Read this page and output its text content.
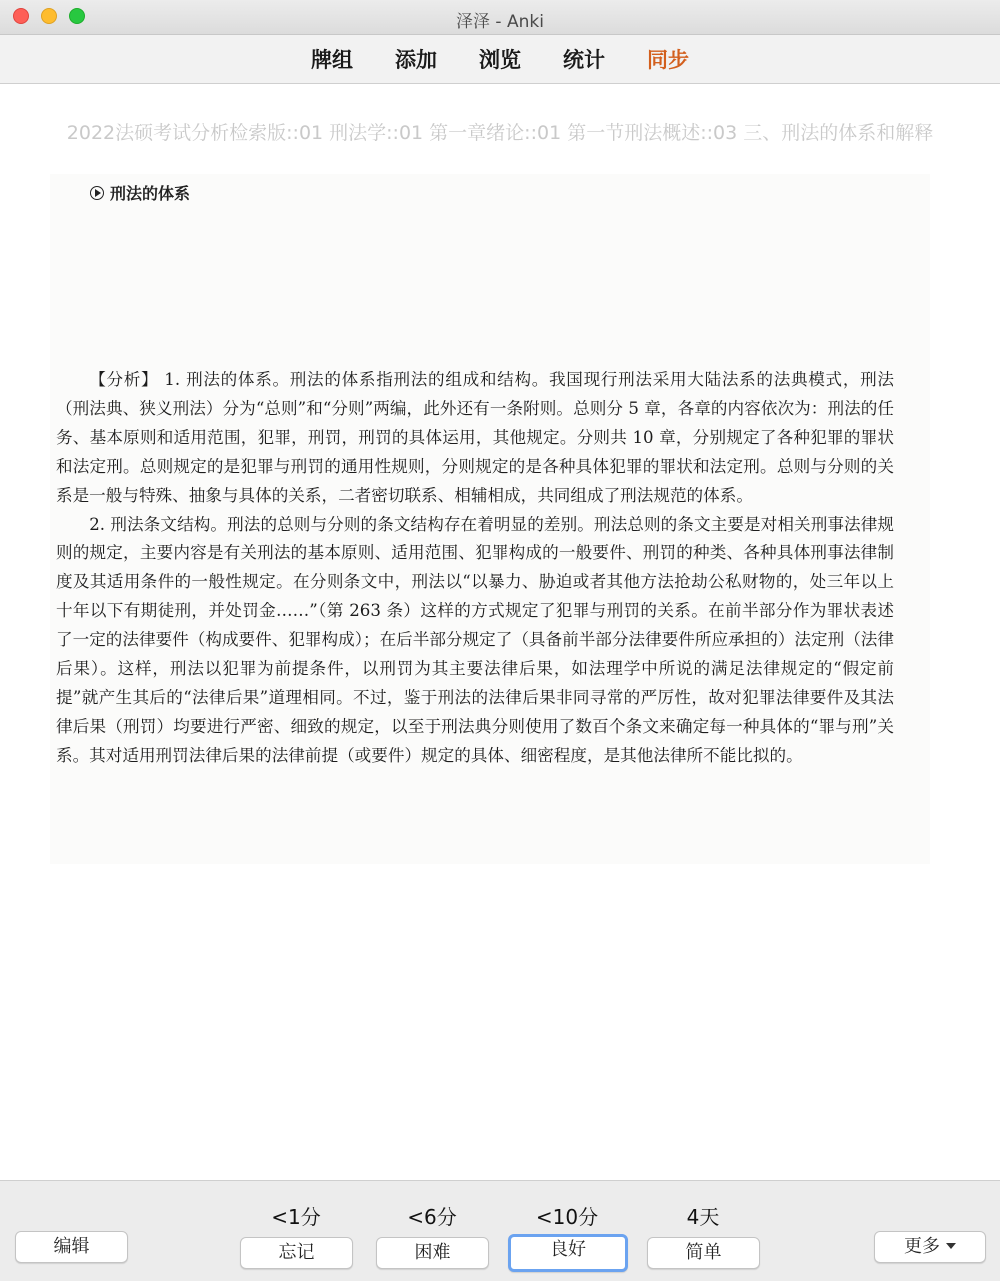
泽泽 - Anki
牌组	添加	浏览	统计	同步
2022法硕考试分析检索版::01 刑法学::01 第一章绪论::01 第一节刑法概述::03 三、刑法的体系和解释
刑法的体系

【分析】 1. 刑法的体系。刑法的体系指刑法的组成和结构。我国现行刑法采用大陆法系的法典模式，刑法（刑法典、狭义刑法）分为“总则”和“分则”两编，此外还有一条附则。总则分 5 章，各章的内容依次为：刑法的任务、基本原则和适用范围，犯罪，刑罚，刑罚的具体运用，其他规定。分则共 10 章，分别规定了各种犯罪的罪状和法定刑。总则规定的是犯罪与刑罚的通用性规则，分则规定的是各种具体犯罪的罪状和法定刑。总则与分则的关系是一般与特殊、抽象与具体的关系，二者密切联系、相辅相成，共同组成了刑法规范的体系。

2. 刑法条文结构。刑法的总则与分则的条文结构存在着明显的差别。刑法总则的条文主要是对相关刑事法律规则的规定，主要内容是有关刑法的基本原则、适用范围、犯罪构成的一般要件、刑罚的种类、各种具体刑事法律制度及其适用条件的一般性规定。在分则条文中，刑法以“以暴力、胁迫或者其他方法抢劫公私财物的，处三年以上十年以下有期徒刑，并处罚金……”（第 263 条）这样的方式规定了犯罪与刑罚的关系。在前半部分作为罪状表述了一定的法律要件（构成要件、犯罪构成）；在后半部分规定了（具备前半部分法律要件所应承担的）法定刑（法律后果）。这样，刑法以犯罪为前提条件，以刑罚为其主要法律后果，如法理学中所说的满足法律规定的“假定前提”就产生其后的“法律后果”道理相同。不过，鉴于刑法的法律后果非同寻常的严厉性，故对犯罪法律要件及其法律后果（刑罚）均要进行严密、细致的规定，以至于刑法典分则使用了数百个条文来确定每一种具体的“罪与刑”关系。其对适用刑罚法律后果的法律前提（或要件）规定的具体、细密程度，是其他法律所不能比拟的。

编辑
<1分	<6分	<10分	4天
忘记	困难	良好	简单	更多
